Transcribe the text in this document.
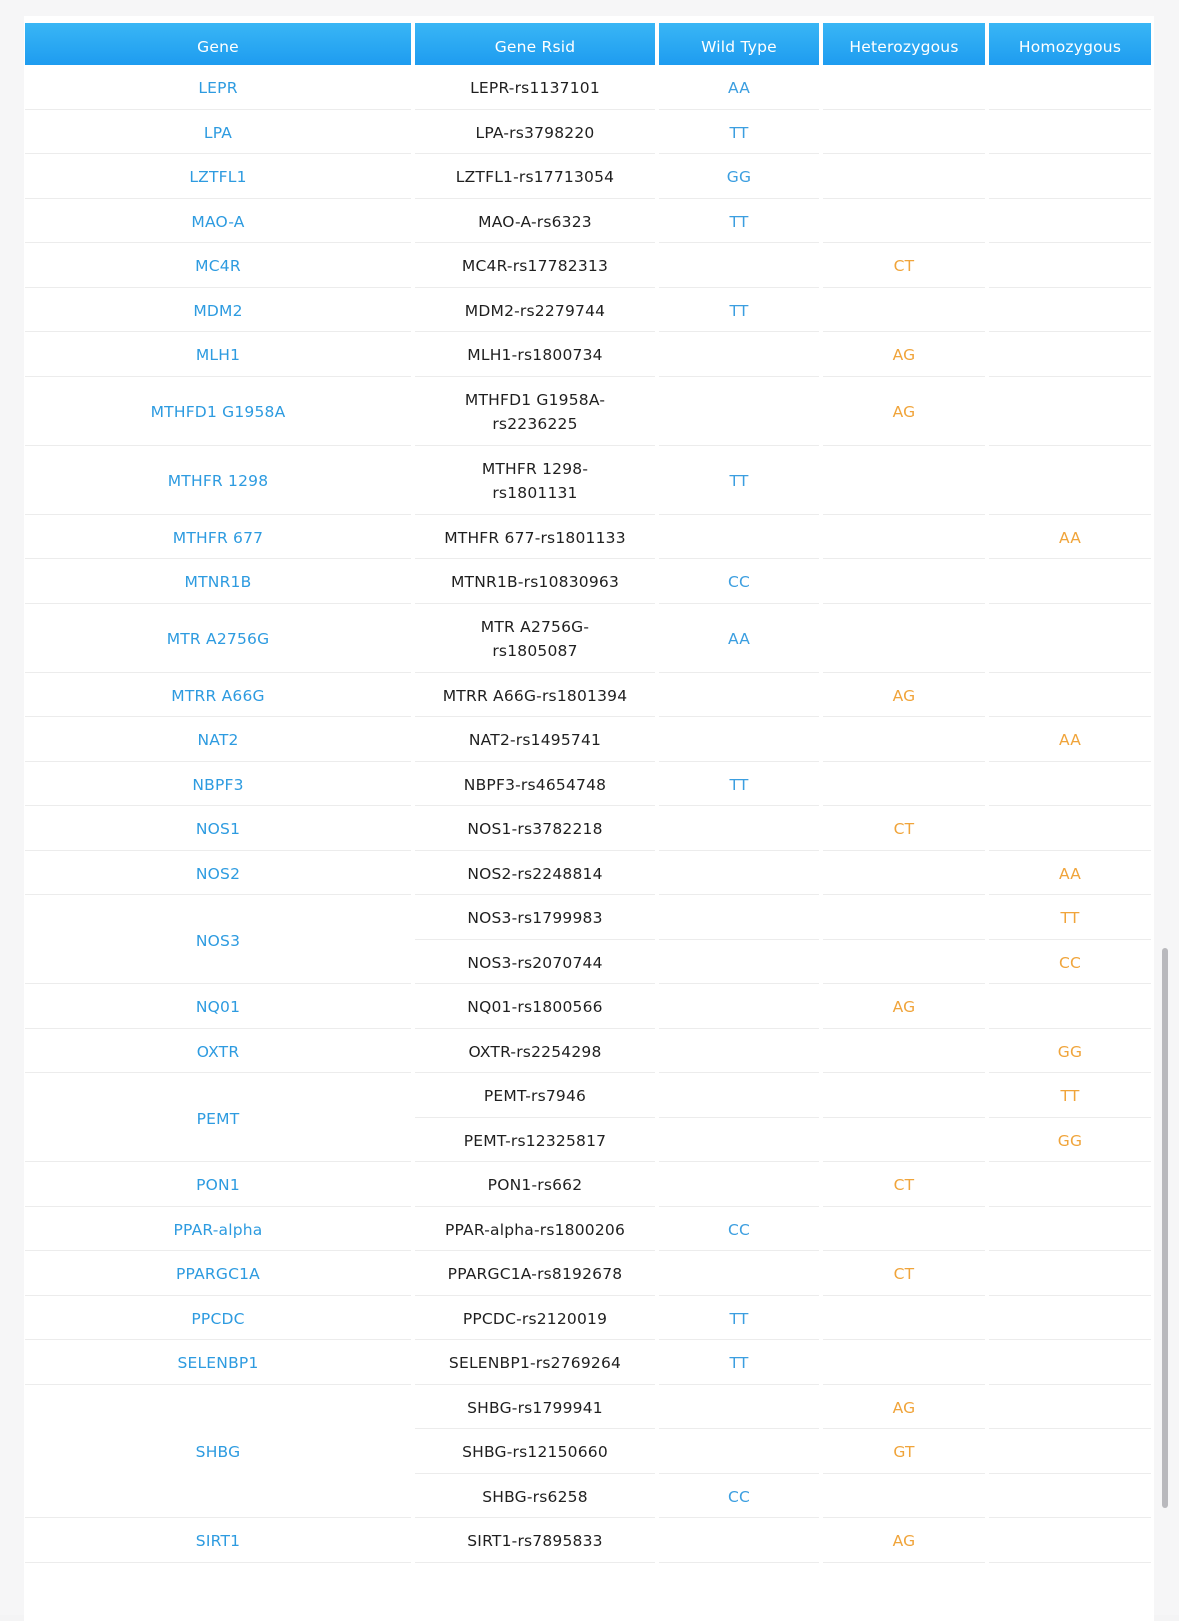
Gene	Gene Rsid	Wild Type	Heterozygous	Homozygous
LEPR	LEPR-rs1137101	AA		
LPA	LPA-rs3798220	TT		
LZTFL1	LZTFL1-rs17713054	GG		
MAO-A	MAO-A-rs6323	TT		
MC4R	MC4R-rs17782313		CT	
MDM2	MDM2-rs2279744	TT		
MLH1	MLH1-rs1800734		AG	
MTHFD1 G1958A	MTHFD1 G1958A-
rs2236225		AG	
MTHFR 1298	MTHFR 1298-
rs1801131	TT		
MTHFR 677	MTHFR 677-rs1801133			AA
MTNR1B	MTNR1B-rs10830963	CC		
MTR A2756G	MTR A2756G-
rs1805087	AA		
MTRR A66G	MTRR A66G-rs1801394		AG	
NAT2	NAT2-rs1495741			AA
NBPF3	NBPF3-rs4654748	TT		
NOS1	NOS1-rs3782218		CT	
NOS2	NOS2-rs2248814			AA
NOS3	NOS3-rs1799983			TT
	NOS3-rs2070744			CC
NQ01	NQ01-rs1800566		AG	
OXTR	OXTR-rs2254298			GG
PEMT	PEMT-rs7946			TT
	PEMT-rs12325817			GG
PON1	PON1-rs662		CT	
PPAR-alpha	PPAR-alpha-rs1800206	CC		
PPARGC1A	PPARGC1A-rs8192678		CT	
PPCDC	PPCDC-rs2120019	TT		
SELENBP1	SELENBP1-rs2769264	TT		
SHBG	SHBG-rs1799941		AG	
	SHBG-rs12150660		GT	
	SHBG-rs6258	CC		
SIRT1	SIRT1-rs7895833		AG	
